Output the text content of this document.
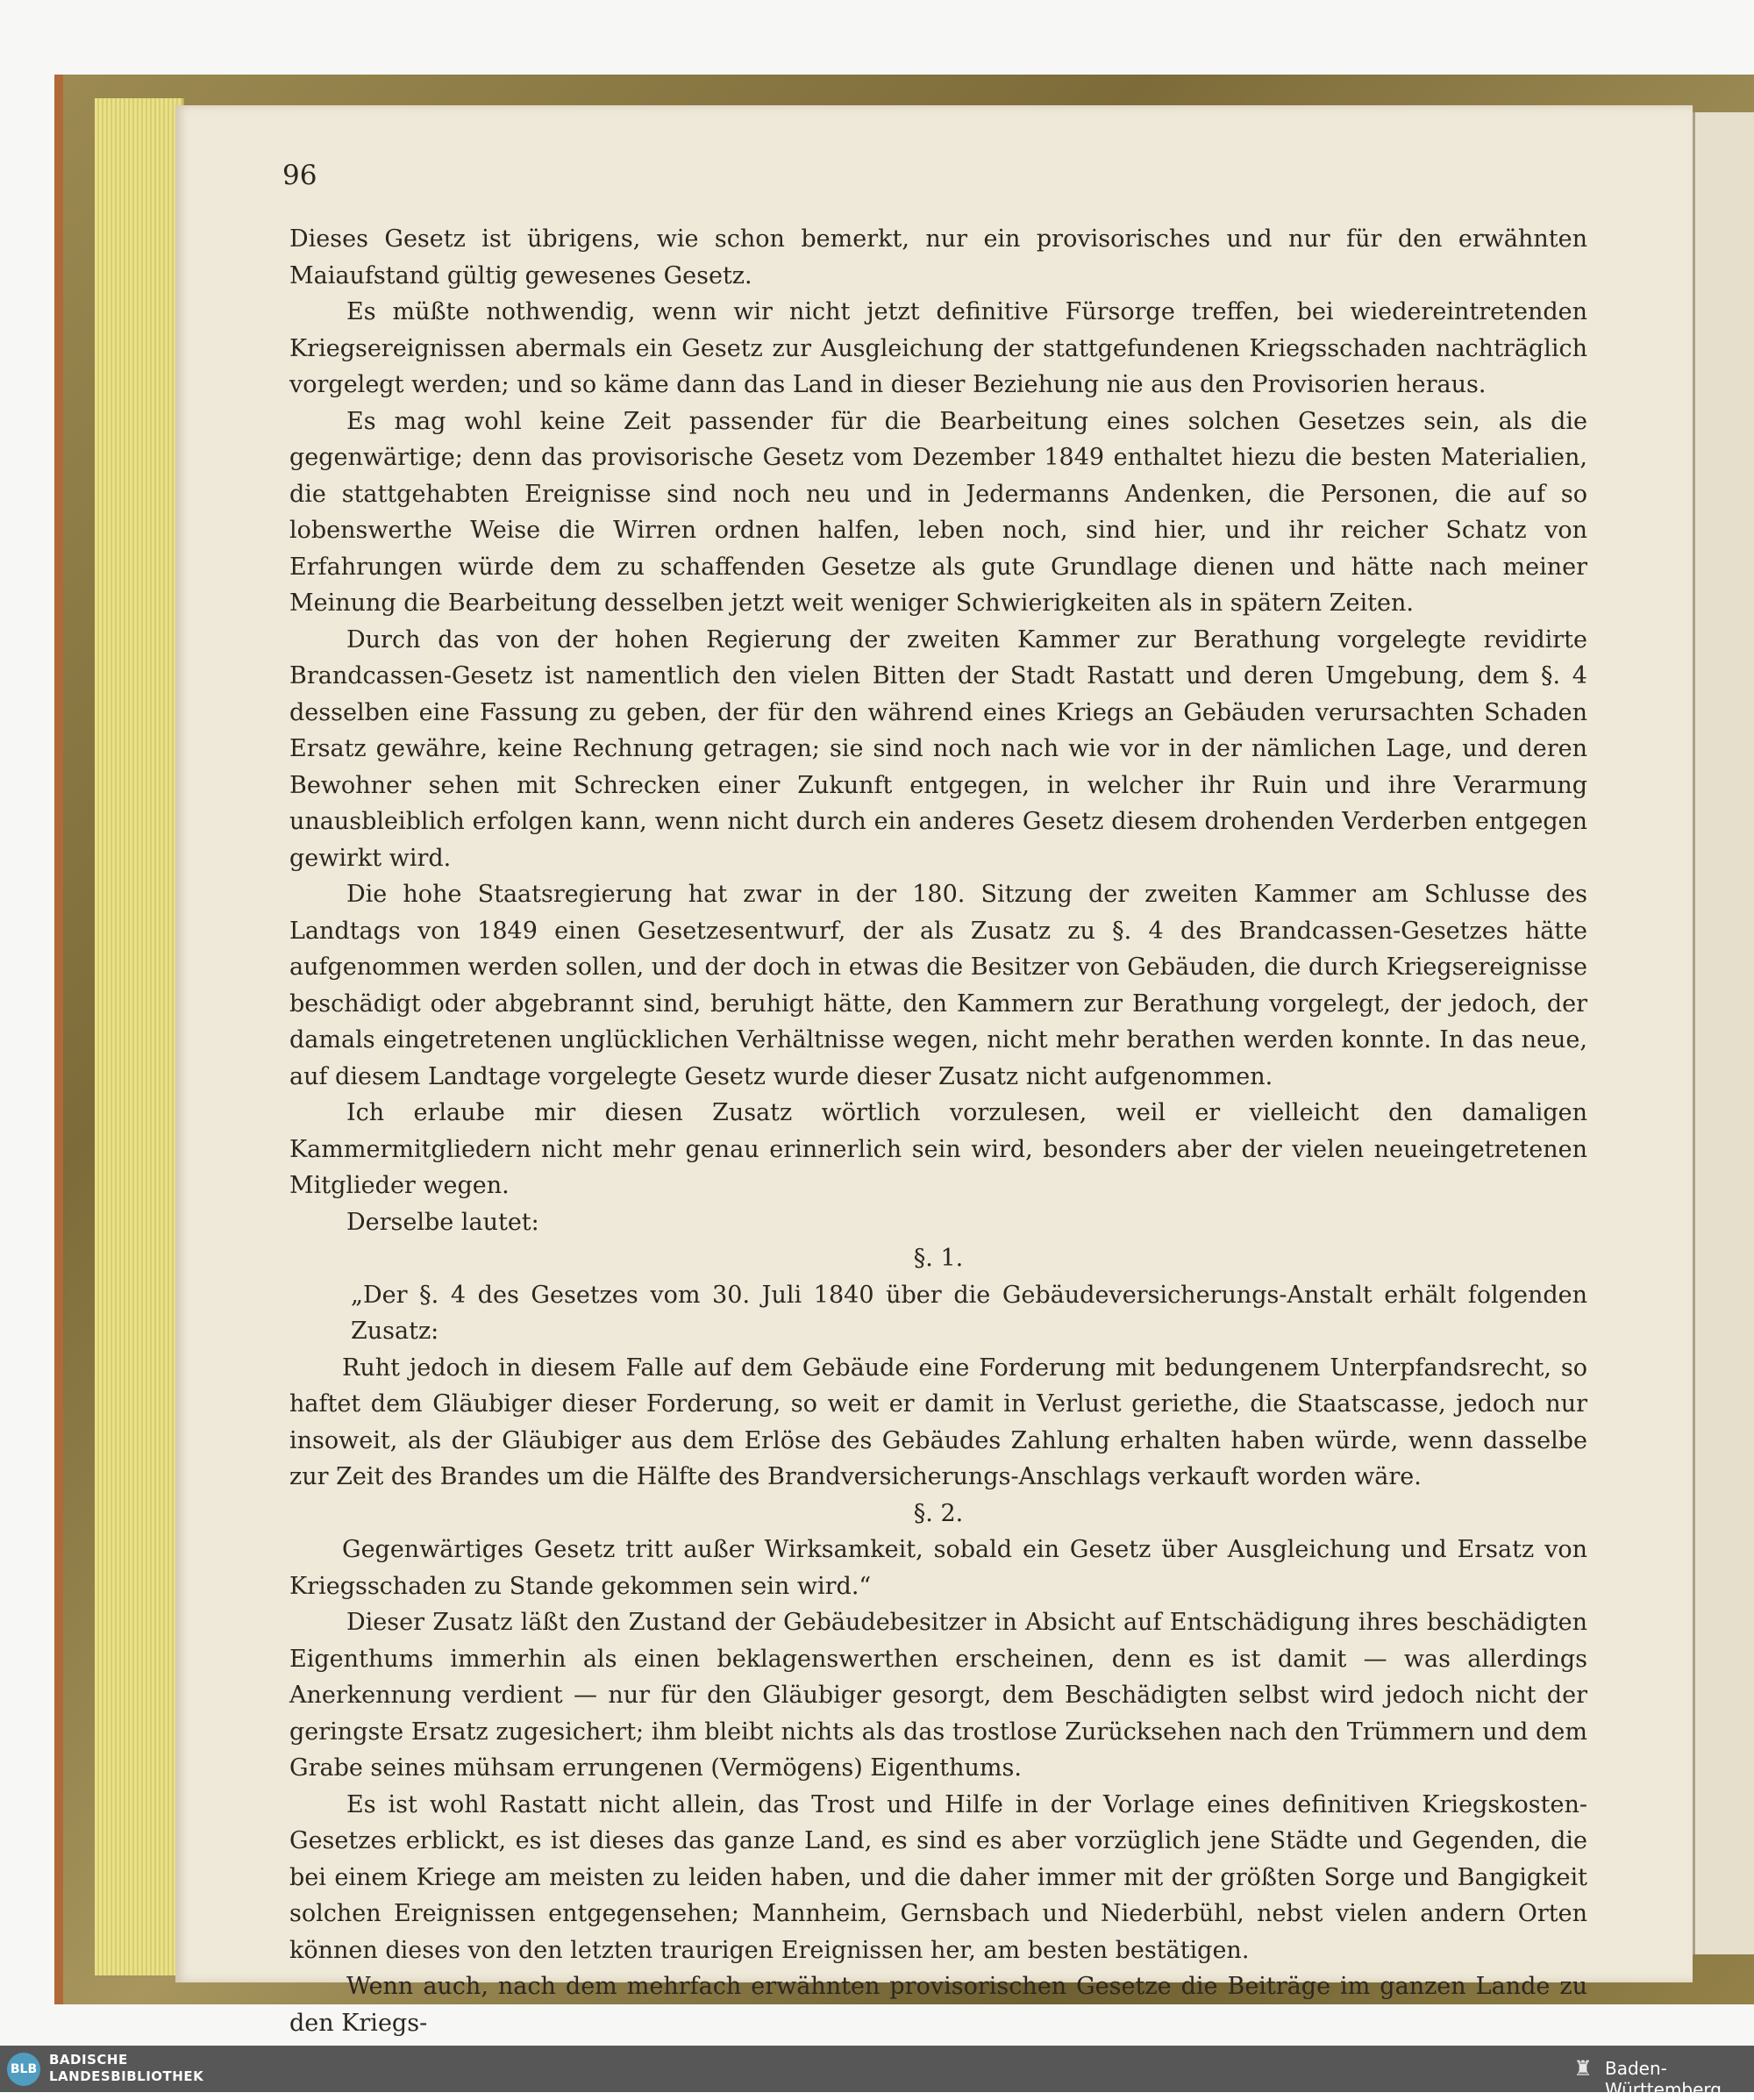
96

Dieses Gesetz ist übrigens, wie schon bemerkt, nur ein provisorisches und nur für den erwähnten Maiaufstand gültig gewesenes Gesetz.

Es müßte nothwendig, wenn wir nicht jetzt definitive Fürsorge treffen, bei wiedereintretenden Kriegsereignissen abermals ein Gesetz zur Ausgleichung der stattgefundenen Kriegsschaden nachträglich vorgelegt werden; und so käme dann das Land in dieser Beziehung nie aus den Provisorien heraus.

Es mag wohl keine Zeit passender für die Bearbeitung eines solchen Gesetzes sein, als die gegenwärtige; denn das provisorische Gesetz vom Dezember 1849 enthaltet hiezu die besten Materialien, die stattgehabten Ereignisse sind noch neu und in Jedermanns Andenken, die Personen, die auf so lobenswerthe Weise die Wirren ordnen halfen, leben noch, sind hier, und ihr reicher Schatz von Erfahrungen würde dem zu schaffenden Gesetze als gute Grundlage dienen und hätte nach meiner Meinung die Bearbeitung desselben jetzt weit weniger Schwierigkeiten als in spätern Zeiten.

Durch das von der hohen Regierung der zweiten Kammer zur Berathung vorgelegte revidirte Brandcassen-Gesetz ist namentlich den vielen Bitten der Stadt Rastatt und deren Umgebung, dem §. 4 desselben eine Fassung zu geben, der für den während eines Kriegs an Gebäuden verursachten Schaden Ersatz gewähre, keine Rechnung getragen; sie sind noch nach wie vor in der nämlichen Lage, und deren Bewohner sehen mit Schrecken einer Zukunft entgegen, in welcher ihr Ruin und ihre Verarmung unausbleiblich erfolgen kann, wenn nicht durch ein anderes Gesetz diesem drohenden Verderben entgegen gewirkt wird.

Die hohe Staatsregierung hat zwar in der 180. Sitzung der zweiten Kammer am Schlusse des Landtags von 1849 einen Gesetzesentwurf, der als Zusatz zu §. 4 des Brandcassen-Gesetzes hätte aufgenommen werden sollen, und der doch in etwas die Besitzer von Gebäuden, die durch Kriegsereignisse beschädigt oder abgebrannt sind, beruhigt hätte, den Kammern zur Berathung vorgelegt, der jedoch, der damals eingetretenen unglücklichen Verhältnisse wegen, nicht mehr berathen werden konnte. In das neue, auf diesem Landtage vorgelegte Gesetz wurde dieser Zusatz nicht aufgenommen.

Ich erlaube mir diesen Zusatz wörtlich vorzulesen, weil er vielleicht den damaligen Kammermitgliedern nicht mehr genau erinnerlich sein wird, besonders aber der vielen neueingetretenen Mitglieder wegen.

Derselbe lautet:

§. 1.

„Der §. 4 des Gesetzes vom 30. Juli 1840 über die Gebäudeversicherungs-Anstalt erhält folgenden Zusatz:

Ruht jedoch in diesem Falle auf dem Gebäude eine Forderung mit bedungenem Unterpfandsrecht, so haftet dem Gläubiger dieser Forderung, so weit er damit in Verlust geriethe, die Staatscasse, jedoch nur insoweit, als der Gläubiger aus dem Erlöse des Gebäudes Zahlung erhalten haben würde, wenn dasselbe zur Zeit des Brandes um die Hälfte des Brandversicherungs-Anschlags verkauft worden wäre.

§. 2.

Gegenwärtiges Gesetz tritt außer Wirksamkeit, sobald ein Gesetz über Ausgleichung und Ersatz von Kriegsschaden zu Stande gekommen sein wird.“

Dieser Zusatz läßt den Zustand der Gebäudebesitzer in Absicht auf Entschädigung ihres beschädigten Eigenthums immerhin als einen beklagenswerthen erscheinen, denn es ist damit — was allerdings Anerkennung verdient — nur für den Gläubiger gesorgt, dem Beschädigten selbst wird jedoch nicht der geringste Ersatz zugesichert; ihm bleibt nichts als das trostlose Zurücksehen nach den Trümmern und dem Grabe seines mühsam errungenen (Vermögens) Eigenthums.

Es ist wohl Rastatt nicht allein, das Trost und Hilfe in der Vorlage eines definitiven Kriegskosten-Gesetzes erblickt, es ist dieses das ganze Land, es sind es aber vorzüglich jene Städte und Gegenden, die bei einem Kriege am meisten zu leiden haben, und die daher immer mit der größten Sorge und Bangigkeit solchen Ereignissen entgegensehen; Mannheim, Gernsbach und Niederbühl, nebst vielen andern Orten können dieses von den letzten traurigen Ereignissen her, am besten bestätigen.

Wenn auch, nach dem mehrfach erwähnten provisorischen Gesetze die Beiträge im ganzen Lande zu den Kriegs-

BLB
BADISCHE
LANDESBIBLIOTHEK	♜ Baden-Württemberg
